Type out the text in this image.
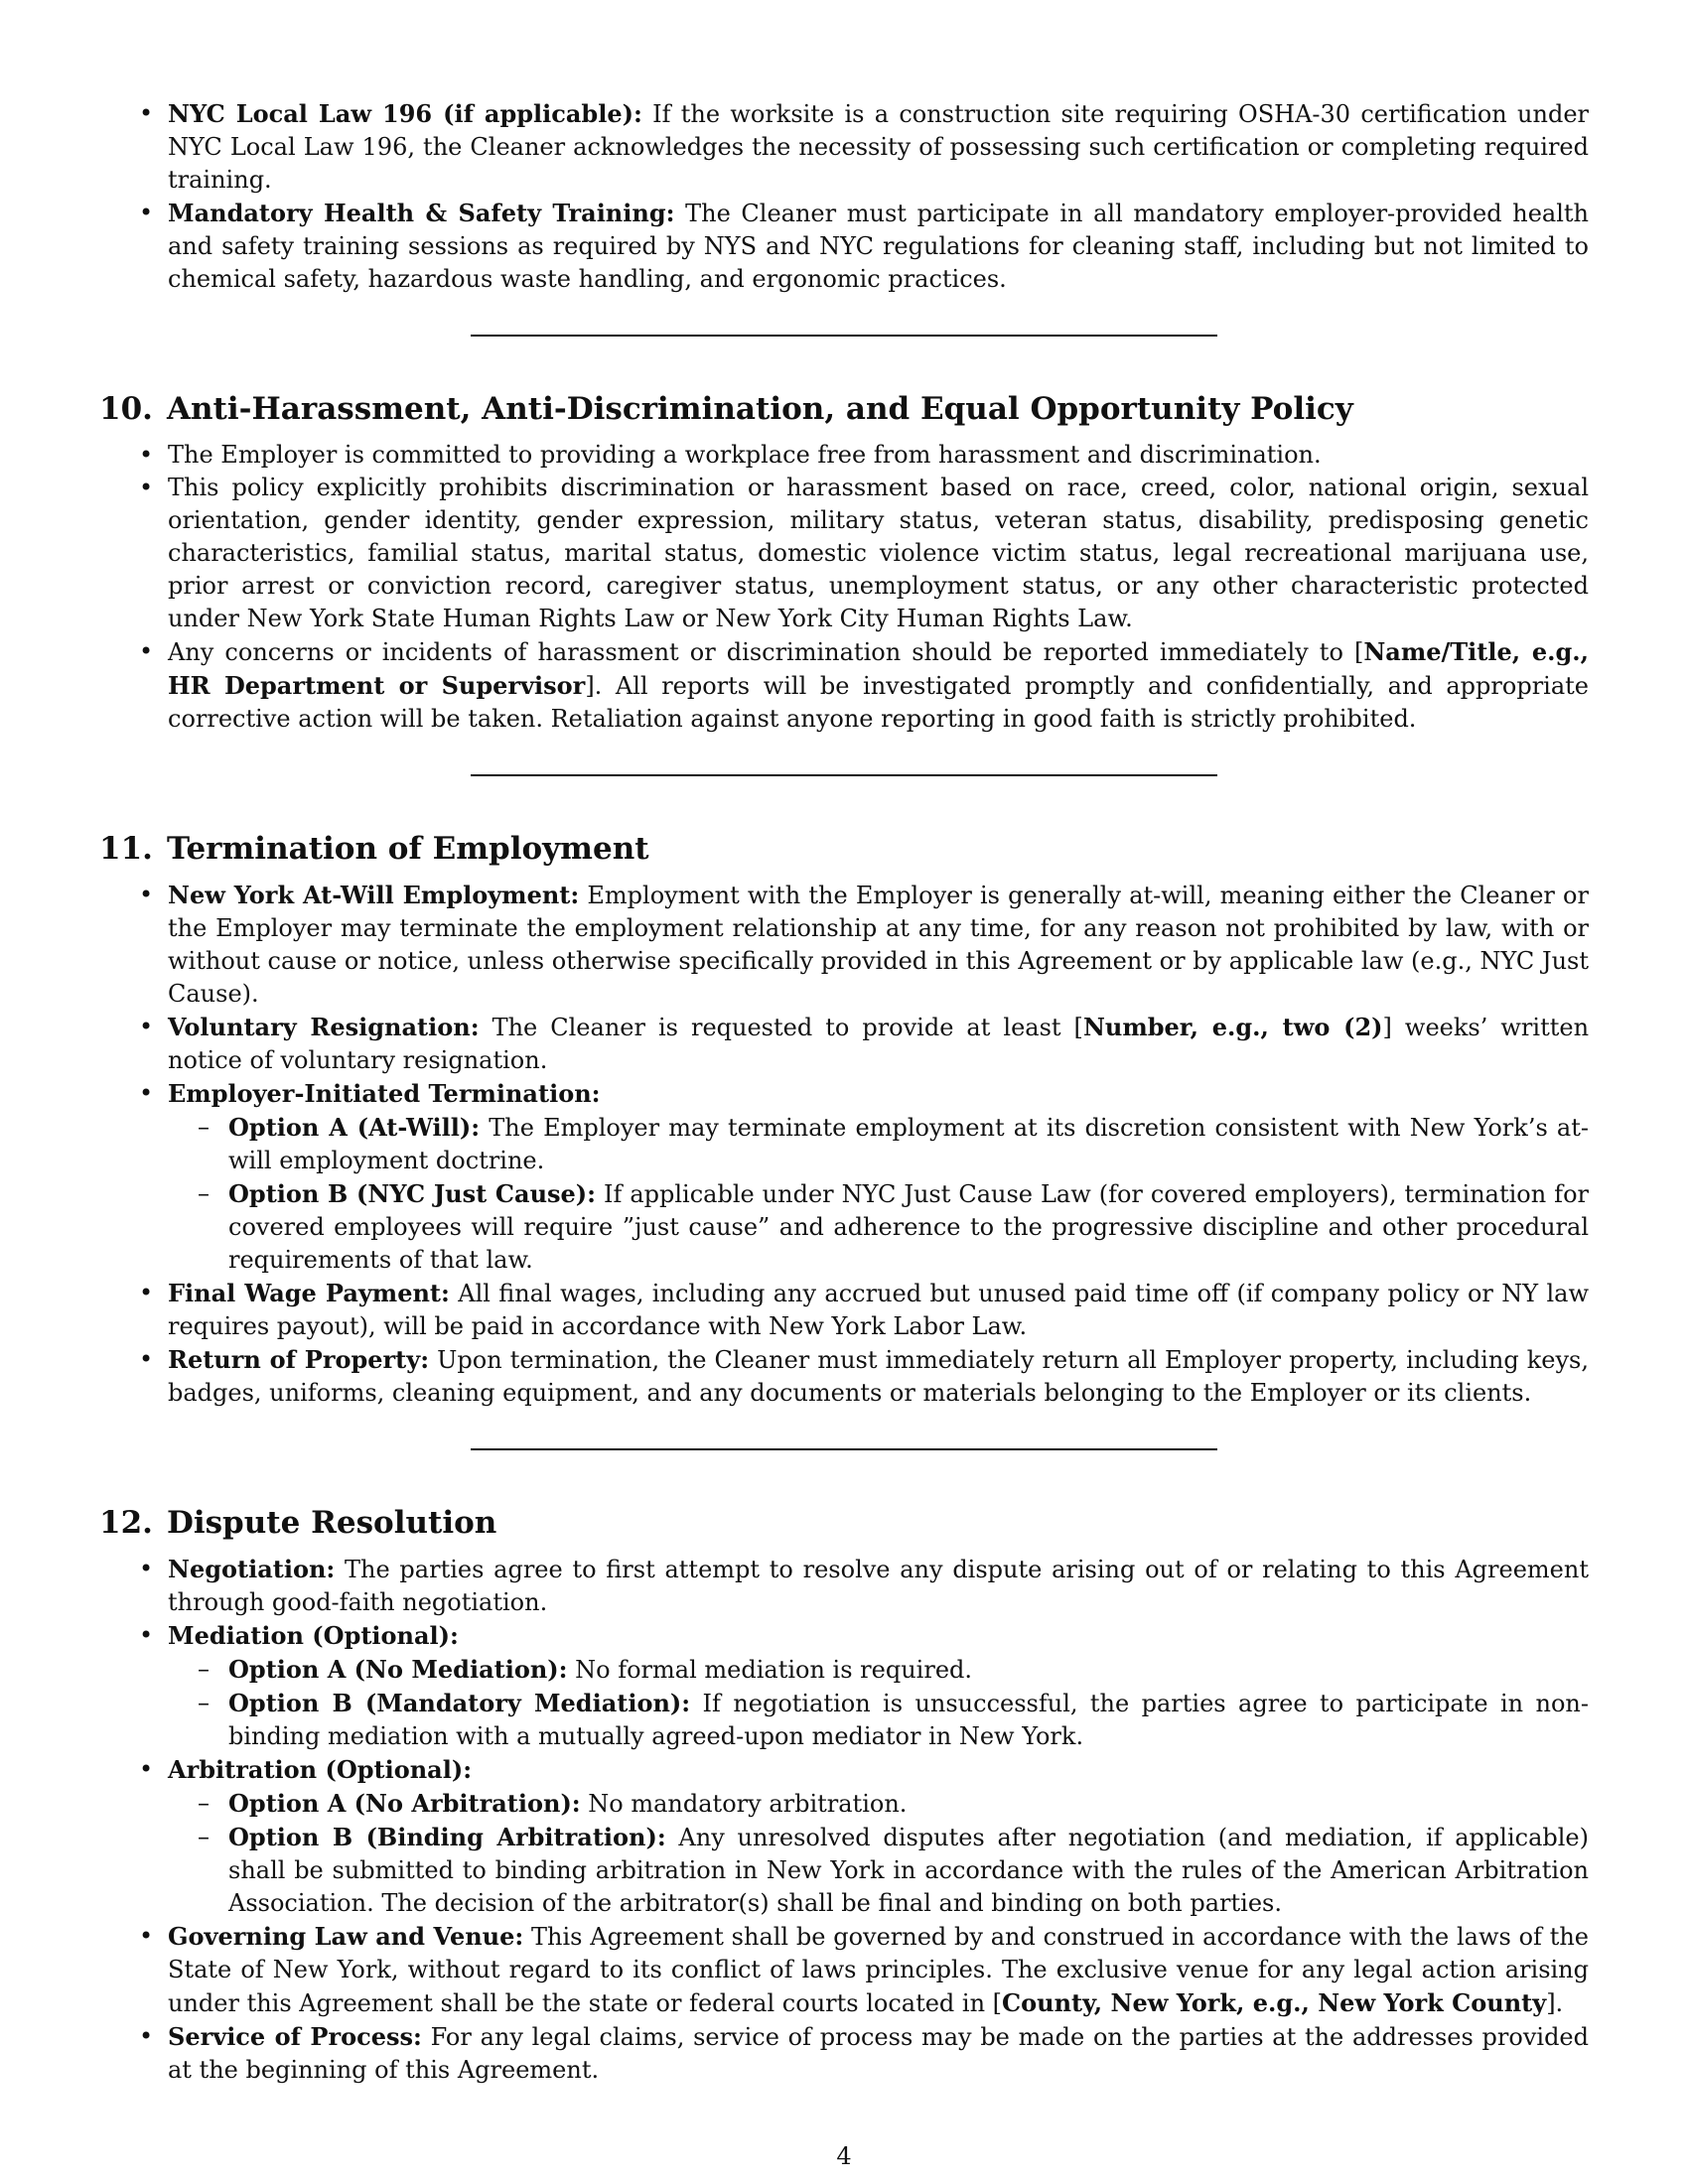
• NYC Local Law 196 (if applicable): If the worksite is a construction site requiring OSHA-30 certification under NYC Local Law 196, the Cleaner acknowledges the necessity of possessing such certification or completing required training.
• Mandatory Health & Safety Training: The Cleaner must participate in all mandatory employer-provided health and safety training sessions as required by NYS and NYC regulations for cleaning staff, including but not limited to chemical safety, hazardous waste handling, and ergonomic practices.
10. Anti-Harassment, Anti-Discrimination, and Equal Opportunity Policy
• The Employer is committed to providing a workplace free from harassment and discrimination.
• This policy explicitly prohibits discrimination or harassment based on race, creed, color, national origin, sexual orientation, gender identity, gender expression, military status, veteran status, disability, predisposing genetic characteristics, familial status, marital status, domestic violence victim status, legal recreational marijuana use, prior arrest or conviction record, caregiver status, unemployment status, or any other characteristic protected under New York State Human Rights Law or New York City Human Rights Law.
• Any concerns or incidents of harassment or discrimination should be reported immediately to [Name/Title, e.g., HR Department or Supervisor]. All reports will be investigated promptly and confidentially, and appropriate corrective action will be taken. Retaliation against anyone reporting in good faith is strictly prohibited.
11. Termination of Employment
• New York At-Will Employment: Employment with the Employer is generally at-will, meaning either the Cleaner or the Employer may terminate the employment relationship at any time, for any reason not prohibited by law, with or without cause or notice, unless otherwise specifically provided in this Agreement or by applicable law (e.g., NYC Just Cause).
• Voluntary Resignation: The Cleaner is requested to provide at least [Number, e.g., two (2)] weeks’ written notice of voluntary resignation.
• Employer-Initiated Termination:
– Option A (At-Will): The Employer may terminate employment at its discretion consistent with New York’s at-will employment doctrine.
– Option B (NYC Just Cause): If applicable under NYC Just Cause Law (for covered employers), termination for covered employees will require ”just cause” and adherence to the progressive discipline and other procedural requirements of that law.
• Final Wage Payment: All final wages, including any accrued but unused paid time off (if company policy or NY law requires payout), will be paid in accordance with New York Labor Law.
• Return of Property: Upon termination, the Cleaner must immediately return all Employer property, including keys, badges, uniforms, cleaning equipment, and any documents or materials belonging to the Employer or its clients.
12. Dispute Resolution
• Negotiation: The parties agree to first attempt to resolve any dispute arising out of or relating to this Agreement through good-faith negotiation.
• Mediation (Optional):
– Option A (No Mediation): No formal mediation is required.
– Option B (Mandatory Mediation): If negotiation is unsuccessful, the parties agree to participate in non-binding mediation with a mutually agreed-upon mediator in New York.
• Arbitration (Optional):
– Option A (No Arbitration): No mandatory arbitration.
– Option B (Binding Arbitration): Any unresolved disputes after negotiation (and mediation, if applicable) shall be submitted to binding arbitration in New York in accordance with the rules of the American Arbitration Association. The decision of the arbitrator(s) shall be final and binding on both parties.
• Governing Law and Venue: This Agreement shall be governed by and construed in accordance with the laws of the State of New York, without regard to its conflict of laws principles. The exclusive venue for any legal action arising under this Agreement shall be the state or federal courts located in [County, New York, e.g., New York County].
• Service of Process: For any legal claims, service of process may be made on the parties at the addresses provided at the beginning of this Agreement.
4
